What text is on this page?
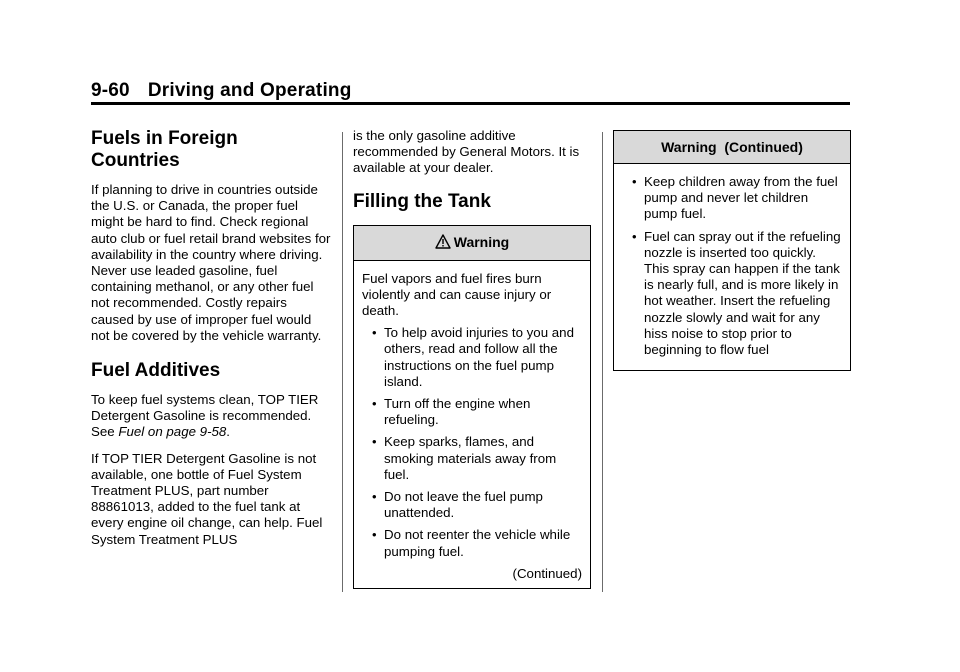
9-60 Driving and Operating
Fuels in Foreign
Countries

If planning to drive in countries outside the U.S. or Canada, the proper fuel might be hard to find. Check regional auto club or fuel retail brand websites for availability in the country where driving. Never use leaded gasoline, fuel containing methanol, or any other fuel not recommended. Costly repairs caused by use of improper fuel would not be covered by the vehicle warranty.

Fuel Additives

To keep fuel systems clean, TOP TIER Detergent Gasoline is recommended. See Fuel on page 9-58.

If TOP TIER Detergent Gasoline is not available, one bottle of Fuel System Treatment PLUS, part number 88861013, added to the fuel tank at every engine oil change, can help. Fuel System Treatment PLUS

is the only gasoline additive recommended by General Motors. It is available at your dealer.

Filling the Tank
Warning

Fuel vapors and fuel fires burn violently and can cause injury or death.

• To help avoid injuries to you and others, read and follow all the instructions on the fuel pump island.
• Turn off the engine when refueling.
• Keep sparks, flames, and smoking materials away from fuel.
• Do not leave the fuel pump unattended.
• Do not reenter the vehicle while pumping fuel.
(Continued)
Warning  (Continued)
• Keep children away from the fuel pump and never let children pump fuel.
• Fuel can spray out if the refueling nozzle is inserted too quickly. This spray can happen if the tank is nearly full, and is more likely in hot weather. Insert the refueling nozzle slowly and wait for any hiss noise to stop prior to beginning to flow fuel
